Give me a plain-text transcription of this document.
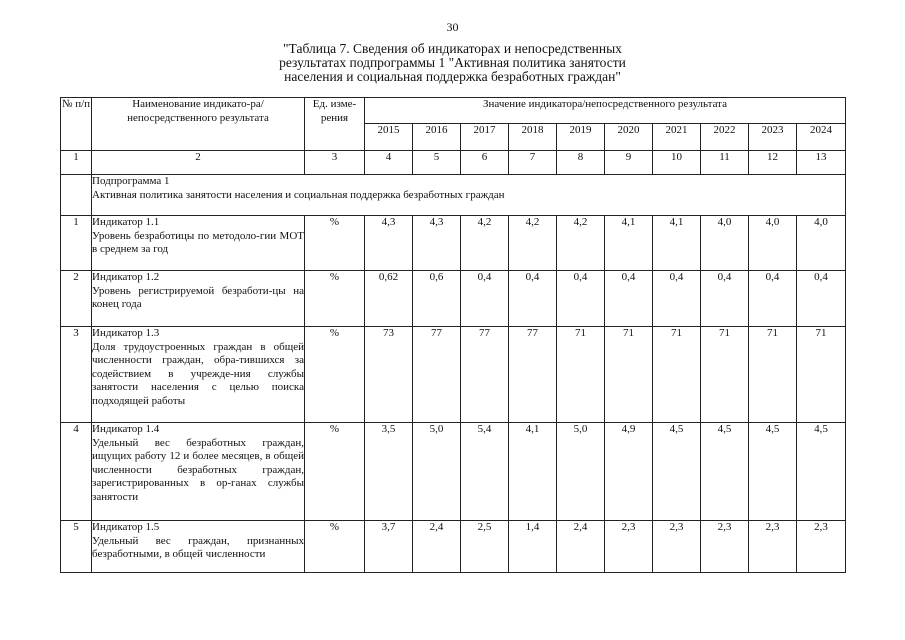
30
"Таблица 7. Сведения об индикаторах и непосредственных
результатах подпрограммы 1 "Активная политика занятости
населения и социальная поддержка безработных граждан"
№ п/п	Наименование индикато-ра/непосредственного результата	Ед. изме-рения	Значение индикатора/непосредственного результата									
			2015	2016	2017	2018	2019	2020	2021	2022	2023	2024
1	2	3	4	5	6	7	8	9	10	11	12	13

	Подпрограмма 1
Активная политика занятости населения и социальная поддержка безработных граждан											

1	Индикатор 1.1
Уровень безработицы по методоло-гии МОТ в среднем за год	%	4,3	4,3	4,2	4,2	4,2	4,1	4,1	4,0	4,0	4,0
2	Индикатор 1.2
Уровень регистрируемой безработи-цы на конец года	%	0,62	0,6	0,4	0,4	0,4	0,4	0,4	0,4	0,4	0,4
3	Индикатор 1.3
Доля трудоустроенных граждан в общей численности граждан, обра-тившихся за содействием в учрежде-ния службы занятости населения с целью поиска подходящей работы	%	73	77	77	77	71	71	71	71	71	71
4	Индикатор 1.4
Удельный вес безработных граждан, ищущих работу 12 и более месяцев, в общей численности безработных граждан, зарегистрированных в ор-ганах службы занятости	%	3,5	5,0	5,4	4,1	5,0	4,9	4,5	4,5	4,5	4,5
5	Индикатор 1.5
Удельный вес граждан, признанных безработными, в общей численности	%	3,7	2,4	2,5	1,4	2,4	2,3	2,3	2,3	2,3	2,3
